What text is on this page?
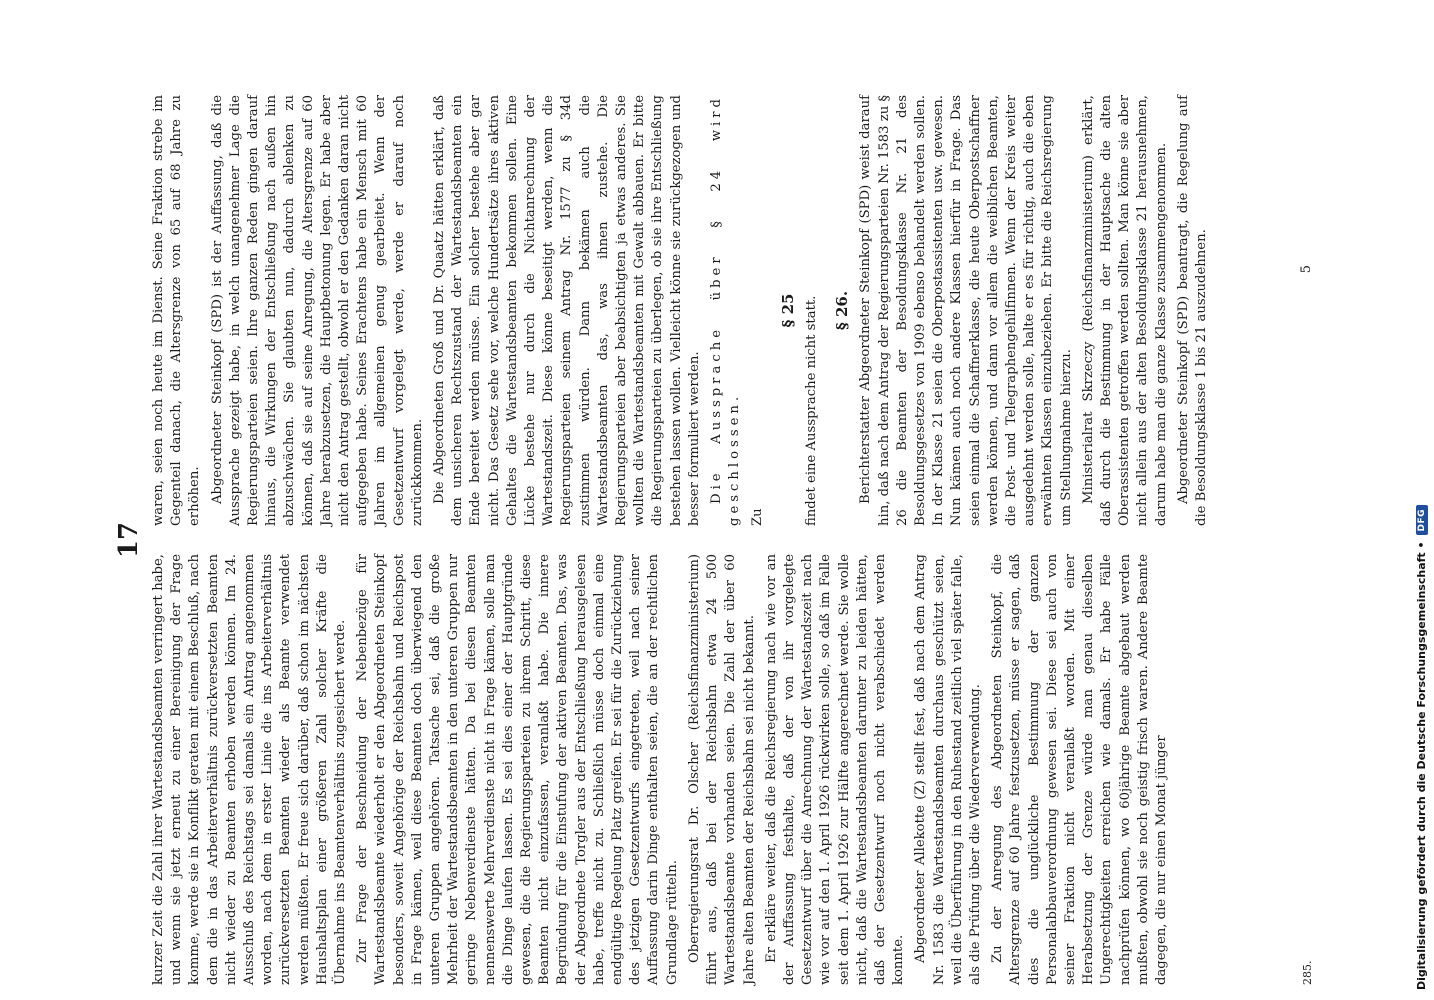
17

kurzer Zeit die Zahl ihrer Wartestandsbeamten verringert habe, und wenn sie jetzt erneut zu einer Bereinigung der Frage komme, werde sie in Konflikt geraten mit einem Beschluß, nach dem die in das Arbeiterverhältnis zurückversetzten Beamten nicht wieder zu Beamten erhoben werden können. Im 24. Ausschuß des Reichstags sei damals ein Antrag angenommen worden, nach dem in erster Linie die ins Arbeiterverhältnis zurückversetzten Beamten wieder als Beamte verwendet werden müßten. Er freue sich darüber, daß schon im nächsten Haushaltsplan einer größeren Zahl solcher Kräfte die Übernahme ins Beamtenverhältnis zugesichert werde. Zur Frage der Beschneidung der Nebenbezüge für Wartestandsbeamte wiederholt er den Abgeordneten Steinkopf besonders, soweit Angehörige der Reichsbahn und Reichspost in Frage kämen, weil diese Beamten doch überwiegend den unteren Gruppen angehören. Tatsache sei, daß die große Mehrheit der Wartestandsbeamten in den unteren Gruppen nur geringe Nebenverdienste hätten. Da bei diesen Beamten nennenswerte Mehrverdienste nicht in Frage kämen, solle man die Dinge laufen lassen. Es sei dies einer der Hauptgründe gewesen, die die Regierungsparteien zu ihrem Schritt, diese Beamten nicht einzufassen, veranlaßt habe. Die innere Begründung für die Einstufung der aktiven Beamten. Das, was der Abgeordnete Torgler aus der Entschließung herausgelesen habe, treffe nicht zu. Schließlich müsse doch einmal eine endgültige Regelung Platz greifen. Er sei für die Zurückziehung des jetzigen Gesetzentwurfs eingetreten, weil nach seiner Auffassung darin Dinge enthalten seien, die an der rechtlichen Grundlage rütteln. Oberregierungsrat Dr. Olscher (Reichsfinanzministerium) führt aus, daß bei der Reichsbahn etwa 24 500 Wartestandsbeamte vorhanden seien. Die Zahl der über 60 Jahre alten Beamten der Reichsbahn sei nicht bekannt. Er erkläre weiter, daß die Reichsregierung nach wie vor an der Auffassung festhalte, daß der von ihr vorgelegte Gesetzentwurf über die Anrechnung der Wartestandszeit nach wie vor auf den 1. April 1926 rückwirken solle, so daß im Falle seit dem 1. April 1926 zur Hälfte angerechnet werde. Sie wolle nicht, daß die Wartestandsbeamten darunter zu leiden hätten, daß der Gesetzentwurf noch nicht verabschiedet werden konnte. Abgeordneter Allekotte (Z) stellt fest, daß nach dem Antrag Nr. 1583 die Wartestandsbeamten durchaus geschützt seien, weil die Überführung in den Ruhestand zeitlich viel später falle, als die Prüfung über die Wiederverwendung. Zu der Anregung des Abgeordneten Steinkopf, die Altersgrenze auf 60 Jahre festzusetzen, müsse er sagen, daß dies die unglückliche Bestimmung der ganzen Personalabbauverordnung gewesen sei. Diese sei auch von seiner Fraktion nicht veranlaßt worden. Mit einer Herabsetzung der Grenze würde man genau dieselben Ungerechtigkeiten erreichen wie damals. Er habe Fälle nachprüfen können, wo 60jährige Beamte abgebaut werden mußten, obwohl sie noch geistig frisch waren. Andere Beamte dagegen, die nur einen Monat jünger

waren, seien noch heute im Dienst. Seine Fraktion strebe im Gegenteil danach, die Altersgrenze von 65 auf 68 Jahre zu erhöhen. Abgeordneter Steinkopf (SPD) ist der Auffassung, daß die Aussprache gezeigt habe, in welch unangenehmer Lage die Regierungsparteien seien. Ihre ganzen Reden gingen darauf hinaus, die Wirkungen der Entschließung nach außen hin abzuschwächen. Sie glaubten nun, dadurch ablenken zu können, daß sie auf seine Anregung, die Altersgrenze auf 60 Jahre herabzusetzen, die Hauptbetonung legen. Er habe aber nicht den Antrag gestellt, obwohl er den Gedanken daran nicht aufgegeben habe. Seines Erachtens habe ein Mensch mit 60 Jahren im allgemeinen genug gearbeitet. Wenn der Gesetzentwurf vorgelegt werde, werde er darauf noch zurückkommen. Die Abgeordneten Groß und Dr. Quaatz hätten erklärt, daß dem unsicheren Rechtszustand der Wartestandsbeamten ein Ende bereitet werden müsse. Ein solcher bestehe aber gar nicht. Das Gesetz sehe vor, welche Hundertsätze ihres aktiven Gehaltes die Wartestandsbeamten bekommen sollen. Eine Lücke bestehe nur durch die Nichtanrechnung der Wartestandszeit. Diese könne beseitigt werden, wenn die Regierungsparteien seinem Antrag Nr. 1577 zu § 34d zustimmen würden. Dann bekämen auch die Wartestandsbeamten das, was ihnen zustehe. Die Regierungsparteien aber beabsichtigten ja etwas anderes. Sie wollten die Wartestandsbeamten mit Gewalt abbauen. Er bitte die Regierungsparteien zu überlegen, ob sie ihre Entschließung bestehen lassen wollen. Vielleicht könne sie zurückgezogen und besser formuliert werden. Die Aussprache über § 24 wird geschlossen. Zu

§ 25 findet eine Aussprache nicht statt. § 26. Berichterstatter Abgeordneter Steinkopf (SPD) weist darauf hin, daß nach dem Antrag der Regierungsparteien Nr. 1583 zu § 26 die Beamten der Besoldungsklasse Nr. 21 des Besoldungsgesetzes von 1909 ebenso behandelt werden sollen. In der Klasse 21 seien die Oberpostassistenten usw. gewesen. Nun kämen auch noch andere Klassen hierfür in Frage. Das seien einmal die Schaffnerklasse, die heute Oberpostschaffner werden können, und dann vor allem die weiblichen Beamten, die Post- und Telegraphengehilfinnen. Wenn der Kreis weiter ausgedehnt werden solle, halte er es für richtig, auch die eben erwähnten Klassen einzubeziehen. Er bitte die Reichsregierung um Stellungnahme hierzu. Ministerialrat Skrzeczy (Reichsfinanzministerium) erklärt, daß durch die Bestimmung in der Hauptsache die alten Oberassistenten getroffen werden sollten. Man könne sie aber nicht allein aus der alten Besoldungsklasse 21 herausnehmen, darum habe man die ganze Klasse zusammengenommen. Abgeordneter Steinkopf (SPD) beantragt, die Regelung auf die Besoldungsklasse 1 bis 21 auszudehnen.

285.
5
Digitalisierung gefördert durch die Deutsche Forschungsgemeinschaft •
DFG
